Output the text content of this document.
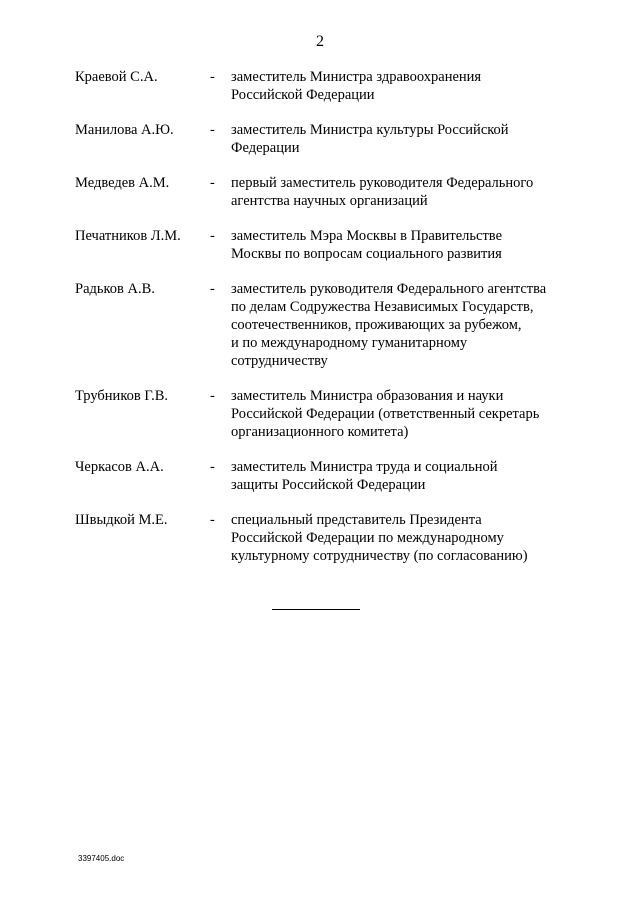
2
Краевой С.А.	-	заместитель Министра здравоохранения
Российской Федерации
Манилова А.Ю.	-	заместитель Министра культуры Российской
Федерации
Медведев А.М.	-	первый заместитель руководителя Федерального
агентства научных организаций
Печатников Л.М.	-	заместитель Мэра Москвы в Правительстве
Москвы по вопросам социального развития
Радьков А.В.	-	заместитель руководителя Федерального агентства
по делам Содружества Независимых Государств,
соотечественников, проживающих за рубежом,
и по международному гуманитарному
сотрудничеству
Трубников Г.В.	-	заместитель Министра образования и науки
Российской Федерации (ответственный секретарь
организационного комитета)
Черкасов А.А.	-	заместитель Министра труда и социальной
защиты Российской Федерации
Швыдкой М.Е.	-	специальный представитель Президента
Российской Федерации по международному
культурному сотрудничеству (по согласованию)
3397405.doc
